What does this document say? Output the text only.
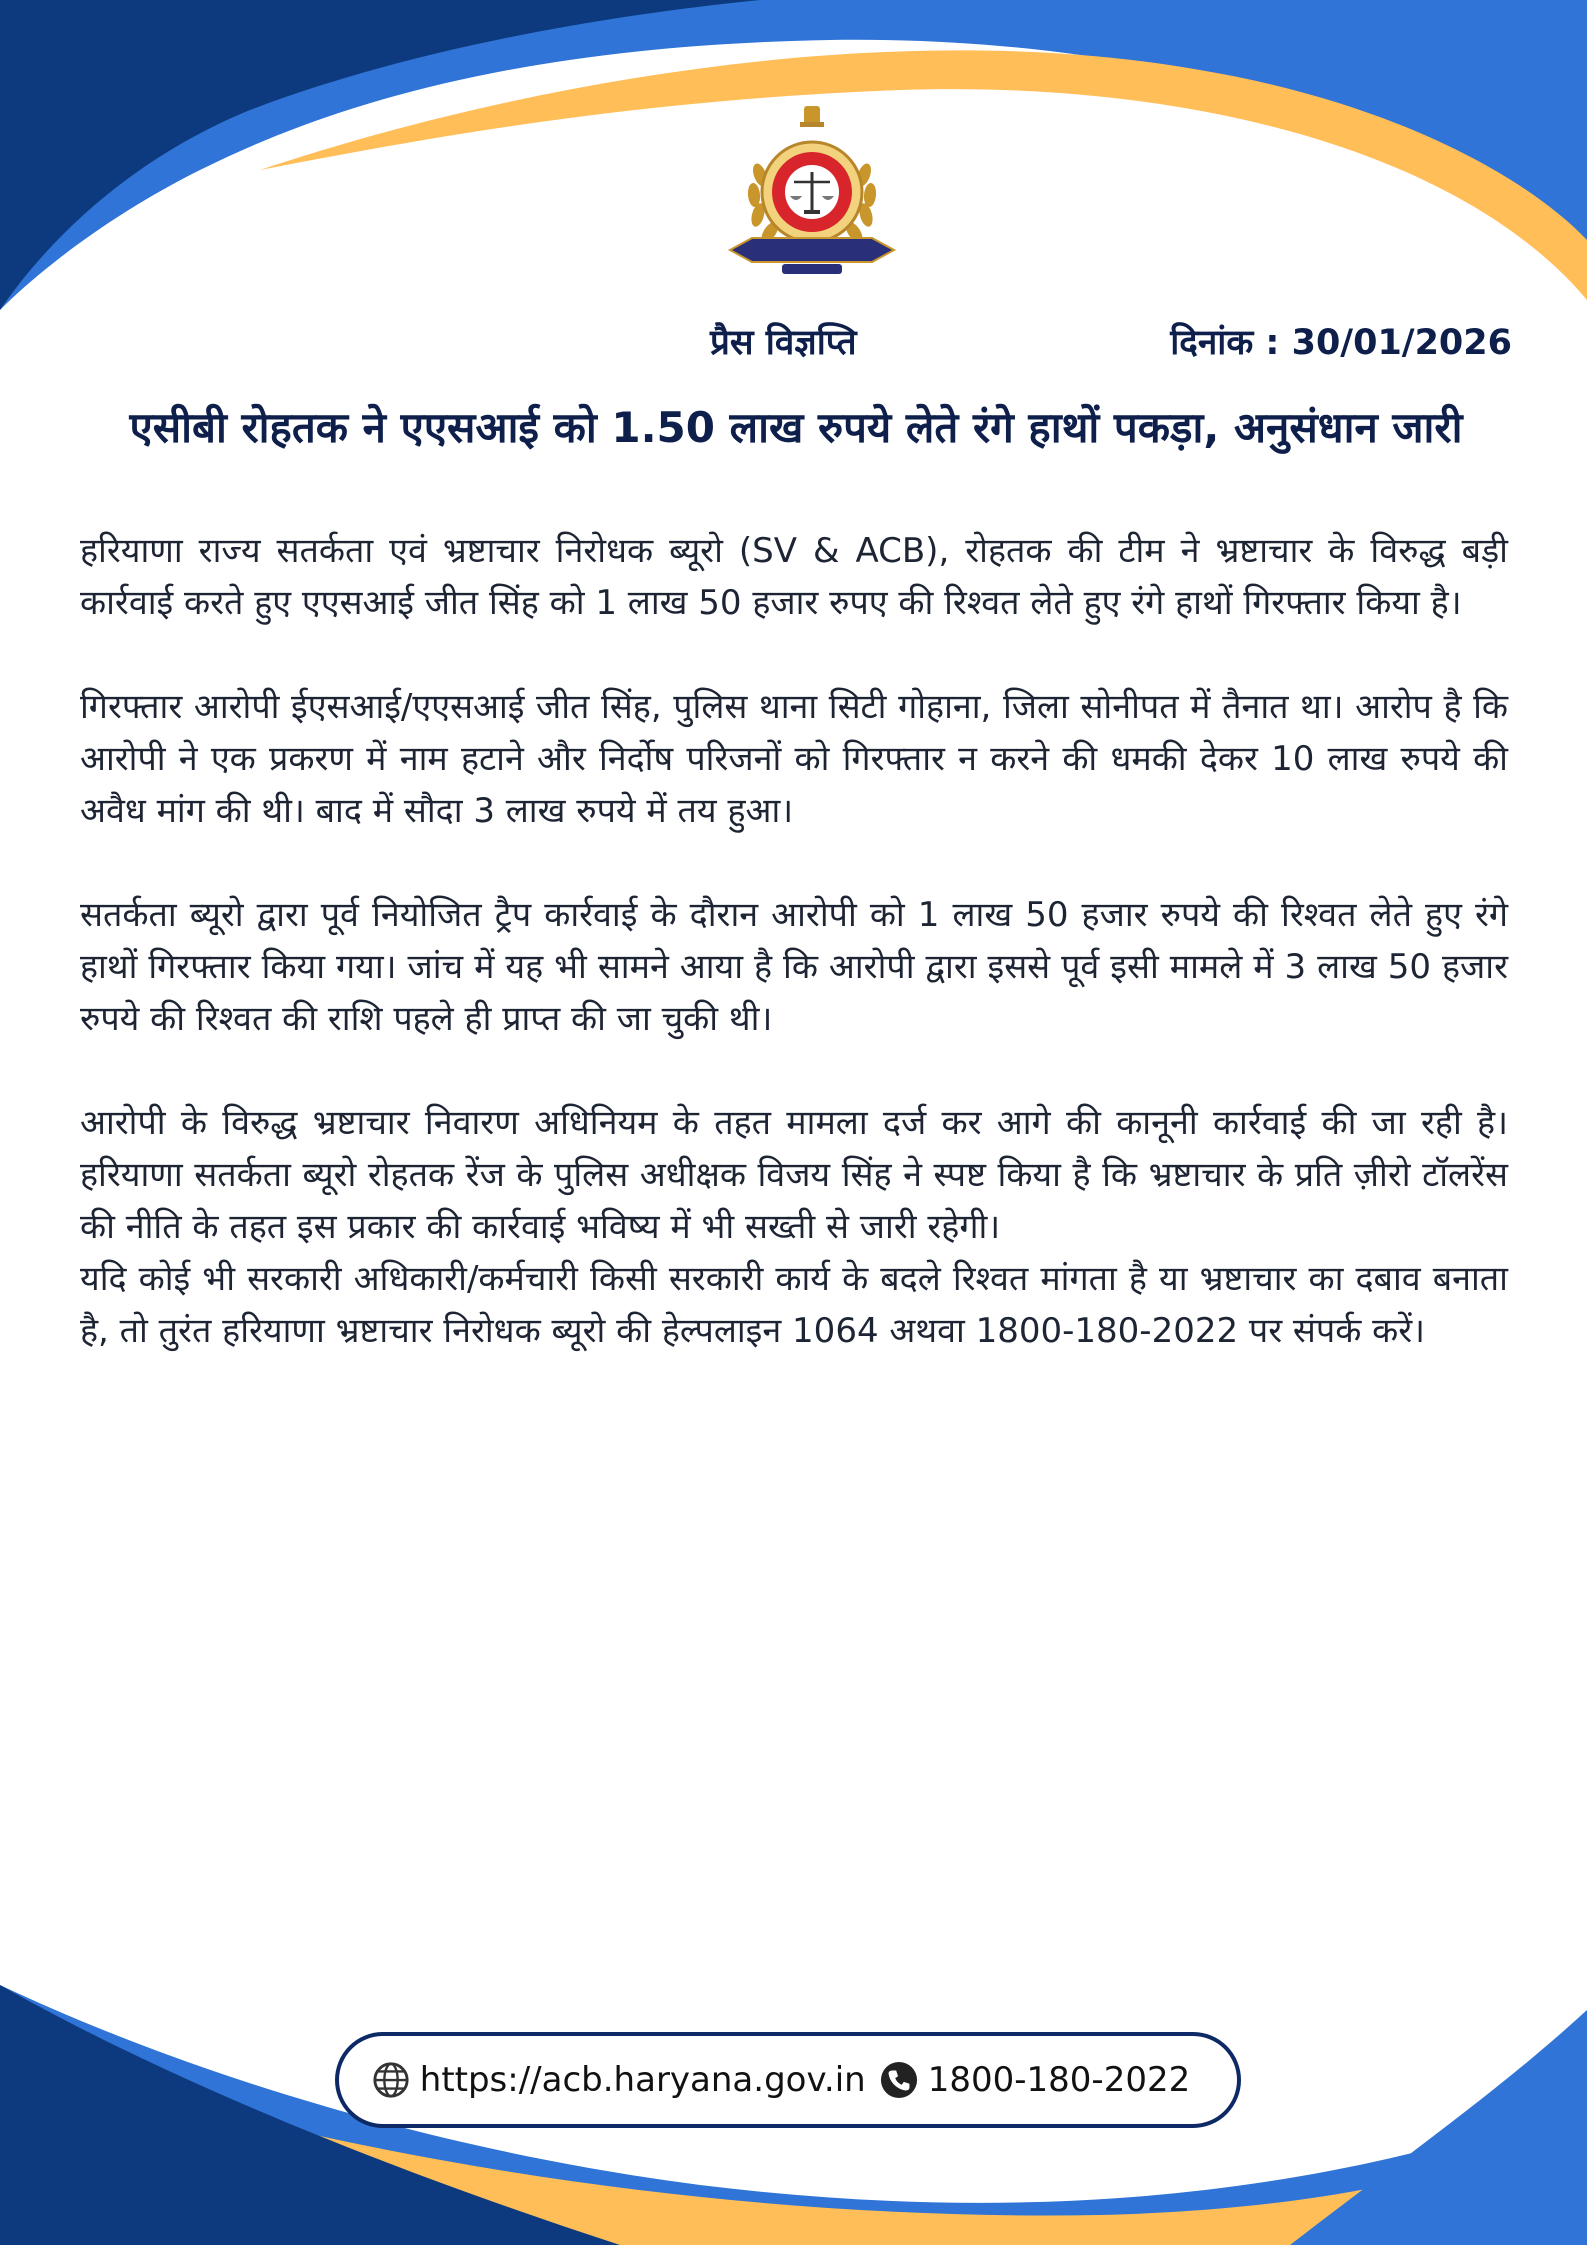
प्रैस विज्ञप्ति	दिनांक : 30/01/2026
एसीबी रोहतक ने एएसआई को 1.50 लाख रुपये लेते रंगे हाथों पकड़ा, अनुसंधान जारी

हरियाणा राज्य सतर्कता एवं भ्रष्टाचार निरोधक ब्यूरो (SV & ACB), रोहतक की टीम ने भ्रष्टाचार के विरुद्ध बड़ी कार्रवाई करते हुए एएसआई जीत सिंह को 1 लाख 50 हजार रुपए की रिश्वत लेते हुए रंगे हाथों गिरफ्तार किया है।

गिरफ्तार आरोपी ईएसआई/एएसआई जीत सिंह, पुलिस थाना सिटी गोहाना, जिला सोनीपत में तैनात था। आरोप है कि आरोपी ने एक प्रकरण में नाम हटाने और निर्दोष परिजनों को गिरफ्तार न करने की धमकी देकर 10 लाख रुपये की अवैध मांग की थी। बाद में सौदा 3 लाख रुपये में तय हुआ।

सतर्कता ब्यूरो द्वारा पूर्व नियोजित ट्रैप कार्रवाई के दौरान आरोपी को 1 लाख 50 हजार रुपये की रिश्वत लेते हुए रंगे हाथों गिरफ्तार किया गया। जांच में यह भी सामने आया है कि आरोपी द्वारा इससे पूर्व इसी मामले में 3 लाख 50 हजार रुपये की रिश्वत की राशि पहले ही प्राप्त की जा चुकी थी।

आरोपी के विरुद्ध भ्रष्टाचार निवारण अधिनियम के तहत मामला दर्ज कर आगे की कानूनी कार्रवाई की जा रही है। हरियाणा सतर्कता ब्यूरो रोहतक रेंज के पुलिस अधीक्षक विजय सिंह ने स्पष्ट किया है कि भ्रष्टाचार के प्रति ज़ीरो टॉलरेंस की नीति के तहत इस प्रकार की कार्रवाई भविष्य में भी सख्ती से जारी रहेगी।

यदि कोई भी सरकारी अधिकारी/कर्मचारी किसी सरकारी कार्य के बदले रिश्वत मांगता है या भ्रष्टाचार का दबाव बनाता है, तो तुरंत हरियाणा भ्रष्टाचार निरोधक ब्यूरो की हेल्पलाइन 1064 अथवा 1800-180-2022 पर संपर्क करें।

https://acb.haryana.gov.in 1800-180-2022
